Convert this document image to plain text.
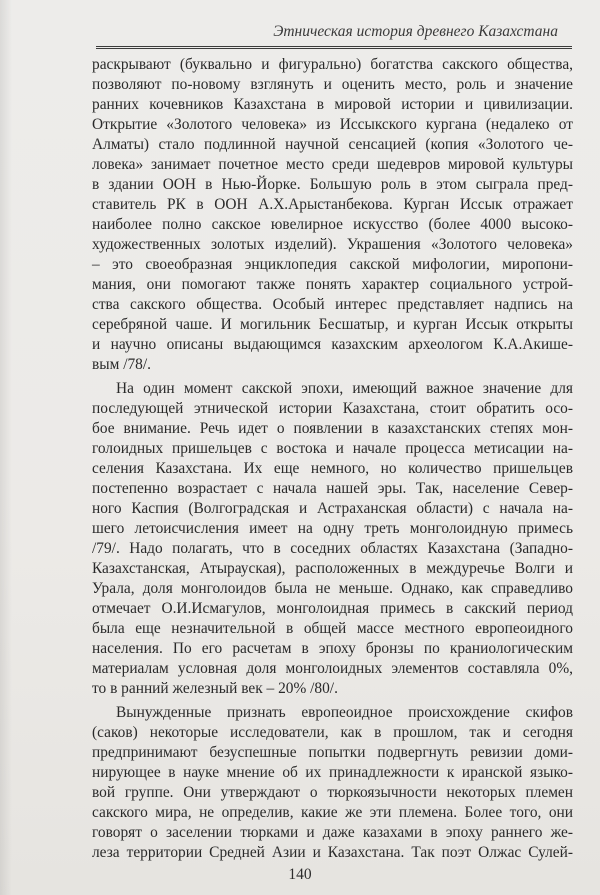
Этническая история древнего Казахстана
раскрывают (буквально и фигурально) богатства сакского общества,
позволяют по-новому взглянуть и оценить место, роль и значение
ранних кочевников Казахстана в мировой истории и цивилизации.
Открытие «Золотого человека» из Иссыкского кургана (недалеко от
Алматы) стало подлинной научной сенсацией (копия «Золотого че-
ловека» занимает почетное место среди шедевров мировой культуры
в здании ООН в Нью-Йорке. Большую роль в этом сыграла пред-
ставитель РК в ООН А.Х.Арыстанбекова. Курган Иссык отражает
наиболее полно сакское ювелирное искусство (более 4000 высоко-
художественных золотых изделий). Украшения «Золотого человека»
– это своеобразная энциклопедия сакской мифологии, миропони-
мания, они помогают также понять характер социального устрой-
ства сакского общества. Особый интерес представляет надпись на
серебряной чаше. И могильник Бесшатыр, и курган Иссык открыты
и научно описаны выдающимся казахским археологом К.А.Акише-
вым /78/.
На один момент сакской эпохи, имеющий важное значение для
последующей этнической истории Казахстана, стоит обратить осо-
бое внимание. Речь идет о появлении в казахстанских степях мон-
голоидных пришельцев с востока и начале процесса метисации на-
селения Казахстана. Их еще немного, но количество пришельцев
постепенно возрастает с начала нашей эры. Так, население Север-
ного Каспия (Волгоградская и Астраханская области) с начала на-
шего летоисчисления имеет на одну треть монголоидную примесь
/79/. Надо полагать, что в соседних областях Казахстана (Западно-
Казахстанская, Атырауская), расположенных в междуречье Волги и
Урала, доля монголоидов была не меньше. Однако, как справедливо
отмечает О.И.Исмагулов, монголоидная примесь в сакский период
была еще незначительной в общей массе местного европеоидного
населения. По его расчетам в эпоху бронзы по краниологическим
материалам условная доля монголоидных элементов составляла 0%,
то в ранний железный век – 20% /80/.
Вынужденные признать европеоидное происхождение скифов
(саков) некоторые исследователи, как в прошлом, так и сегодня
предпринимают безуспешные попытки подвергнуть ревизии доми-
нирующее в науке мнение об их принадлежности к иранской языко-
вой группе. Они утверждают о тюркоязычности некоторых племен
сакского мира, не определив, какие же эти племена. Более того, они
говорят о заселении тюрками и даже казахами в эпоху раннего же-
леза территории Средней Азии и Казахстана. Так поэт Олжас Сулей-
140
